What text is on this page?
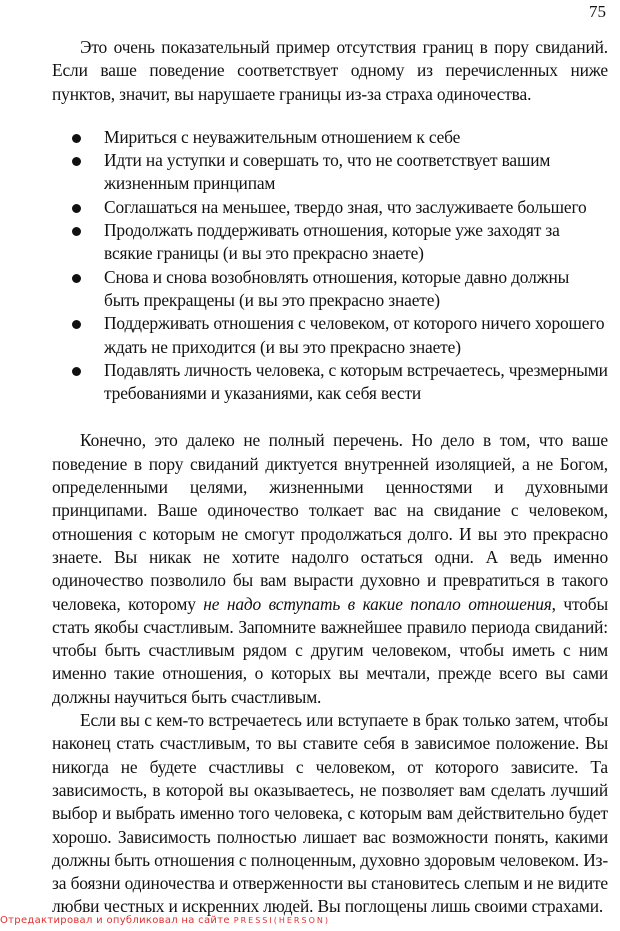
75

Это очень показательный пример отсутствия границ в пору свиданий. Если ваше поведение соответствует одному из перечисленных ниже пунктов, значит, вы нарушаете границы из-за страха одиночества.

Мириться с неуважительным отношением к себе
Идти на уступки и совершать то, что не соответствует вашим жизненным принципам
Соглашаться на меньшее, твердо зная, что заслуживаете большего
Продолжать поддерживать отношения, которые уже заходят за всякие границы (и вы это прекрасно знаете)
Снова и снова возобновлять отношения, которые давно должны быть прекращены (и вы это прекрасно знаете)
Поддерживать отношения с человеком, от которого ничего хорошего ждать не приходится (и вы это прекрасно знаете)
Подавлять личность человека, с которым встречаетесь, чрезмерными требованиями и указаниями, как себя вести

Конечно, это далеко не полный перечень. Но дело в том, что ваше поведение в пору свиданий диктуется внутренней изоляцией, а не Богом, определенными целями, жизненными ценностями и духовными принципами. Ваше одиночество толкает вас на свидание с человеком, отношения с которым не смогут продолжаться долго. И вы это прекрасно знаете. Вы никак не хотите надолго остаться одни. А ведь именно одиночество позволило бы вам вырасти духовно и превратиться в такого человека, которому не надо вступать в какие попало отношения, чтобы стать якобы счастливым. Запомните важнейшее правило периода свиданий: чтобы быть счастливым рядом с другим человеком, чтобы иметь с ним именно такие отношения, о которых вы мечтали, прежде всего вы сами должны научиться быть счастливым.

Если вы с кем-то встречаетесь или вступаете в брак только затем, чтобы наконец стать счастливым, то вы ставите себя в зависимое положение. Вы никогда не будете счастливы с человеком, от которого зависите. Та зависимость, в которой вы оказываетесь, не позволяет вам сделать лучший выбор и выбрать именно того человека, с которым вам действительно будет хорошо. Зависимость полностью лишает вас возможности понять, какими должны быть отношения с полноценным, духовно здоровым человеком. Из-за боязни одиночества и отверженности вы становитесь слепым и не видите любви честных и искренних людей. Вы поглощены лишь своими страхами.

Отредактировал и опубликовал на сайте PRESSI(HERSON)
